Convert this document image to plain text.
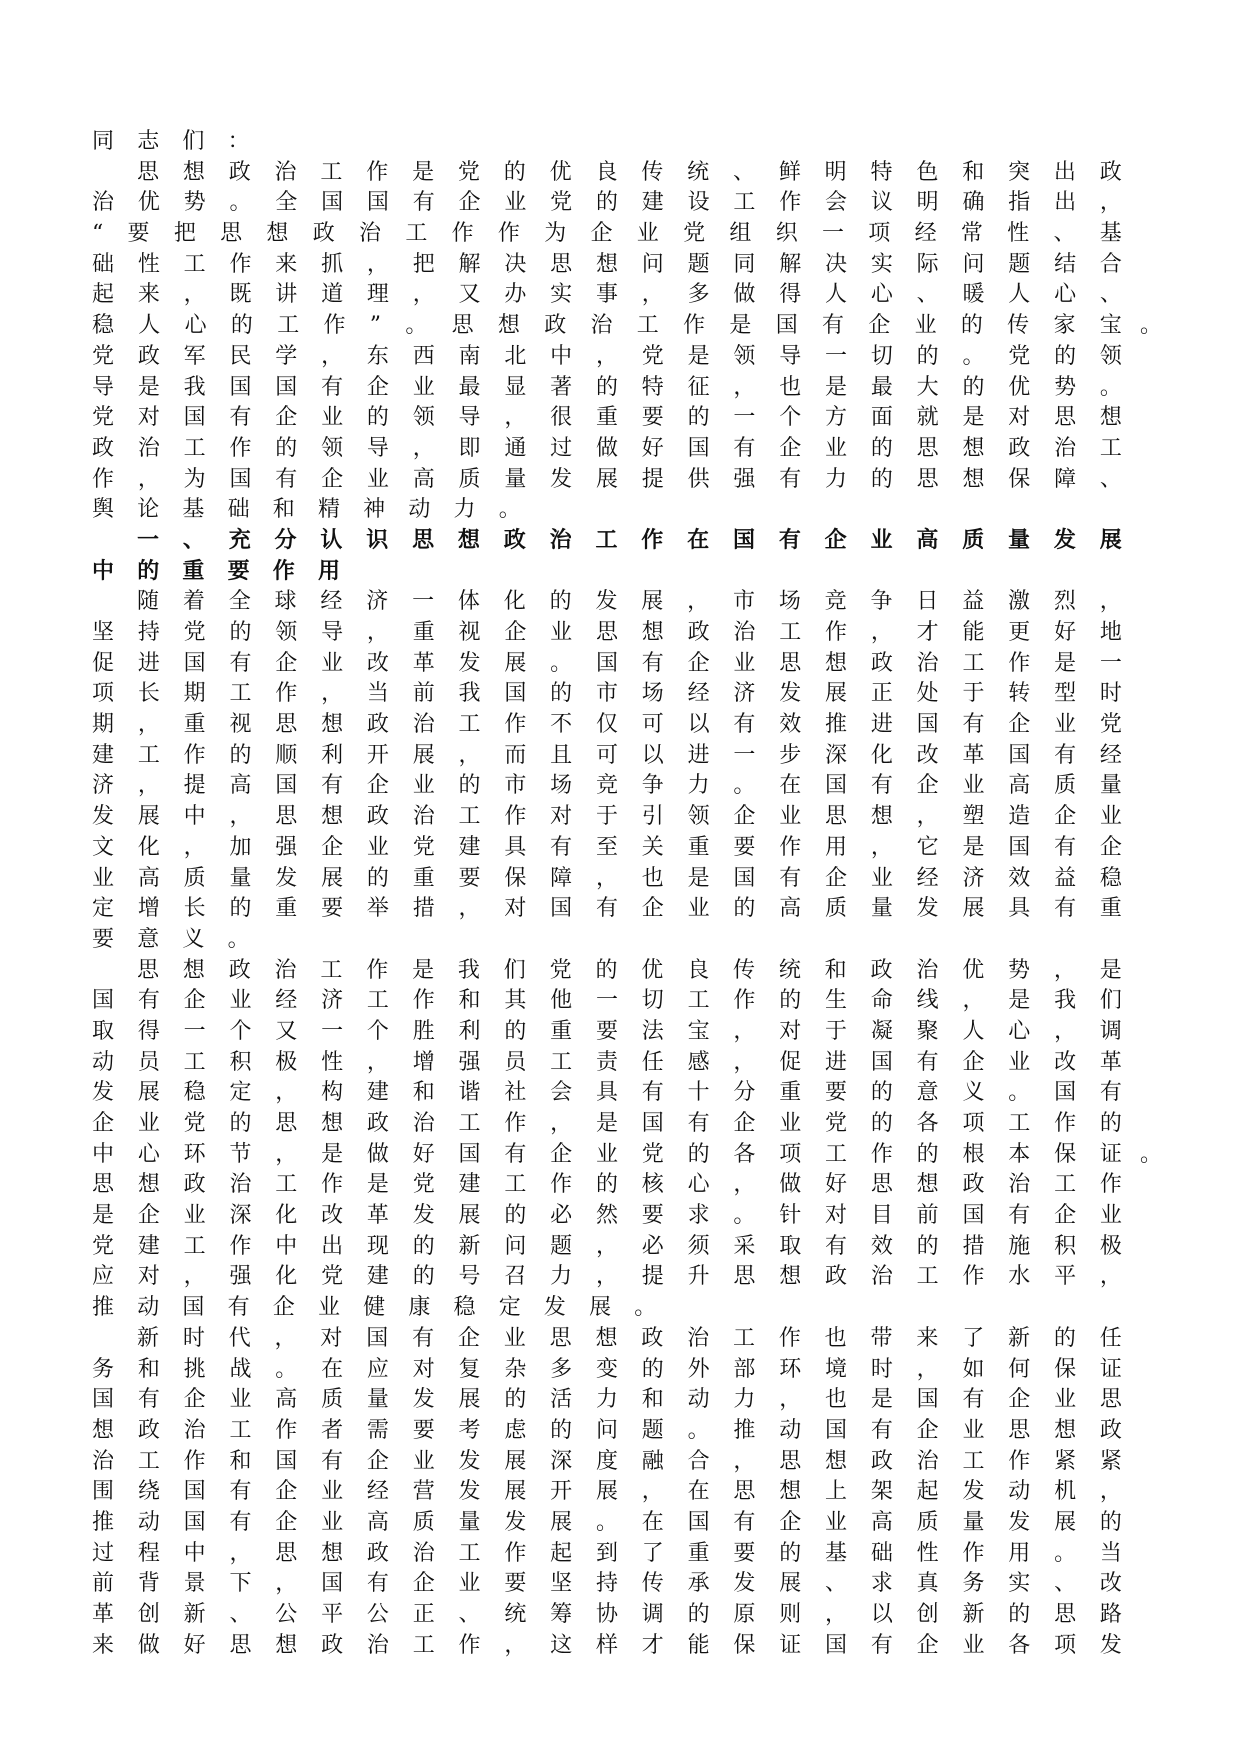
同	志	们	：
思 想 政 治 工 作 是 党 的 优 良 传 统 、 鲜 明 特 色 和 突 出 政
治 优 势 。 全 国 国 有 企 业 党 的 建 设 工 作 会 议 明 确 指 出 ，
“ 要 把 思 想 政 治 工 作 作 为 企 业 党 组 织 一 项 经 常 性 、 基
础 性 工 作 来 抓 ， 把 解 决 思 想 问 题 同 解 决 实 际 问 题 结 合
起 来 ， 既 讲 道 理 ， 又 办 实 事 ， 多 做 得 人 心 、 暖 人 心 、
稳 人 心 的 工 作 ” 。 思 想 政 治 工 作 是 国 有 企 业 的 传 家 宝 。
党 政 军 民 学 ， 东 西 南 北 中 ， 党 是 领 导 一 切 的 。 党 的 领
导 是 我 国 国 有 企 业 最 显 著 的 特 征 ， 也 是 最 大 的 优 势 。
党 对 国 有 企 业 的 领 导 ， 很 重 要 的 一 个 方 面 就 是 对 思 想
政 治 工 作 的 领 导 ， 即 通 过 做 好 国 有 企 业 的 思 想 政 治 工
作 ， 为 国 有 企 业 高 质 量 发 展 提 供 强 有 力 的 思 想 保 障 、
舆	论	基	础	和	精	神	动	力	。
一 、 充 分 认 识 思 想 政 治 工 作 在 国 有 企 业 高 质 量 发 展
中	的	重	要	作	用
随 着 全 球 经 济 一 体 化 的 发 展 ， 市 场 竞 争 日 益 激 烈 ，
坚 持 党 的 领 导 ， 重 视 企 业 思 想 政 治 工 作 ， 才 能 更 好 地
促 进 国 有 企 业 改 革 发 展 。 国 有 企 业 思 想 政 治 工 作 是 一
项 长 期 工 作 ， 当 前 我 国 的 市 场 经 济 发 展 正 处 于 转 型 时
期 ， 重 视 思 想 政 治 工 作 不 仅 可 以 有 效 推 进 国 有 企 业 党
建 工 作 的 顺 利 开 展 ， 而 且 可 以 进 一 步 深 化 改 革 国 有 经
济 ， 提 高 国 有 企 业 的 市 场 竞 争 力 。 在 国 有 企 业 高 质 量
发 展 中 ， 思 想 政 治 工 作 对 于 引 领 企 业 思 想 ， 塑 造 企 业
文 化 ， 加 强 企 业 党 建 具 有 至 关 重 要 作 用 ， 它 是 国 有 企
业 高 质 量 发 展 的 重 要 保 障 ， 也 是 国 有 企 业 经 济 效 益 稳
定 增 长 的 重 要 举 措 ， 对 国 有 企 业 的 高 质 量 发 展 具 有 重
要	意	义	。
思 想 政 治 工 作 是 我 们 党 的 优 良 传 统 和 政 治 优 势 ， 是
国 有 企 业 经 济 工 作 和 其 他 一 切 工 作 的 生 命 线 ， 是 我 们
取 得 一 个 又 一 个 胜 利 的 重 要 法 宝 ， 对 于 凝 聚 人 心 ， 调
动 员 工 积 极 性 ， 增 强 员 工 责 任 感 ， 促 进 国 有 企 业 改 革
发 展 稳 定 ， 构 建 和 谐 社 会 具 有 十 分 重 要 的 意 义 。 国 有
企 业 党 的 思 想 政 治 工 作 ， 是 国 有 企 业 党 的 各 项 工 作 的
中 心 环 节 ， 是 做 好 国 有 企 业 党 的 各 项 工 作 的 根 本 保 证 。
思 想 政 治 工 作 是 党 建 工 作 的 核 心 ， 做 好 思 想 政 治 工 作
是 企 业 深 化 改 革 发 展 的 必 然 要 求 。 针 对 目 前 国 有 企 业
党 建 工 作 中 出 现 的 新 问 题 ， 必 须 采 取 有 效 的 措 施 积 极
应 对 ， 强 化 党 建 的 号 召 力 ， 提 升 思 想 政 治 工 作 水 平 ，
推	动	国	有	企	业	健	康	稳	定	发	展	。
新 时 代 ， 对 国 有 企 业 思 想 政 治 工 作 也 带 来 了 新 的 任
务 和 挑 战 。 在 应 对 复 杂 多 变 的 外 部 环 境 时 ， 如 何 保 证
国 有 企 业 高 质 量 发 展 的 活 力 和 动 力 ， 也 是 国 有 企 业 思
想 政 治 工 作 者 需 要 考 虑 的 问 题 。 推 动 国 有 企 业 思 想 政
治 工 作 和 国 有 企 业 发 展 深 度 融 合 ， 思 想 政 治 工 作 紧 紧
围 绕 国 有 企 业 经 营 发 展 开 展 ， 在 思 想 上 架 起 发 动 机 ，
推 动 国 有 企 业 高 质 量 发 展 。 在 国 有 企 业 高 质 量 发 展 的
过 程 中 ， 思 想 政 治 工 作 起 到 了 重 要 的 基 础 性 作 用 。 当
前 背 景 下 ， 国 有 企 业 要 坚 持 传 承 发 展 、 求 真 务 实 、 改
革 创 新 、 公 平 公 正 、 统 筹 协 调 的 原 则 ， 以 创 新 的 思 路
来 做 好 思 想 政 治 工 作 ， 这 样 才 能 保 证 国 有 企 业 各 项 发
